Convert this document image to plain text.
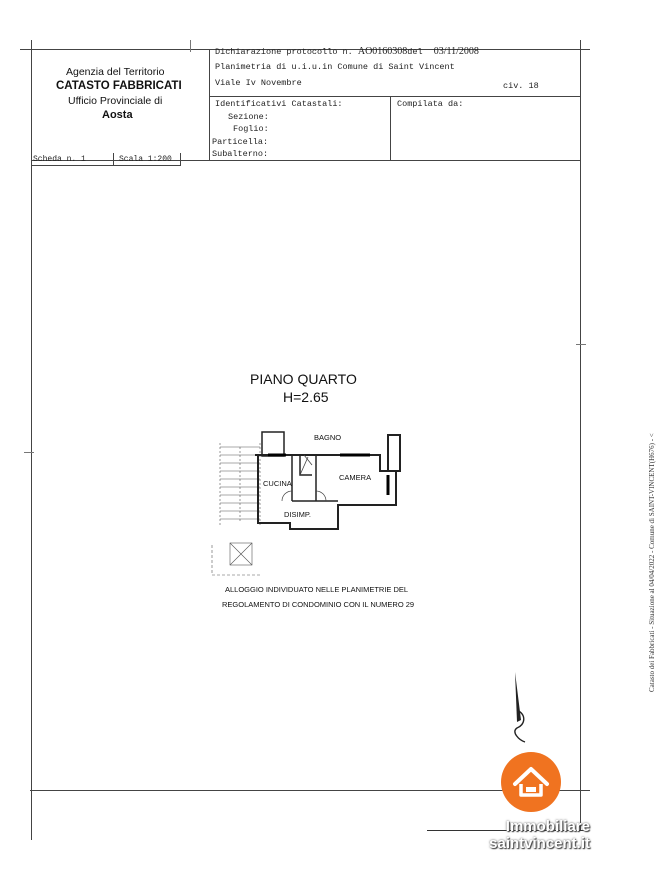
Agenzia del Territorio
CATASTO FABBRICATI
Ufficio Provinciale di
Aosta
Dichiarazione protocollo n. AO0160308del 03/11/2008
Planimetria di u.i.u.in Comune di Saint Vincent
Viale Iv Novembre	civ. 18
Identificativi Catastali:
Sezione:
Foglio:
Particella:
Subalterno:
Compilata da:
Scheda n. 1	Scala 1:200
PIANO QUARTO
H=2.65
BAGNO
CUCINA
CAMERA
DISIMP.
ALLOGGIO INDIVIDUATO NELLE PLANIMETRIE DEL
REGOLAMENTO DI CONDOMINIO CON IL NUMERO 29	Catasto dei Fabbricati - Situazione al 04/04/2022 - Comune di SAINT-VINCENT(H676) - <
Immobiliare
saintvincent.it
